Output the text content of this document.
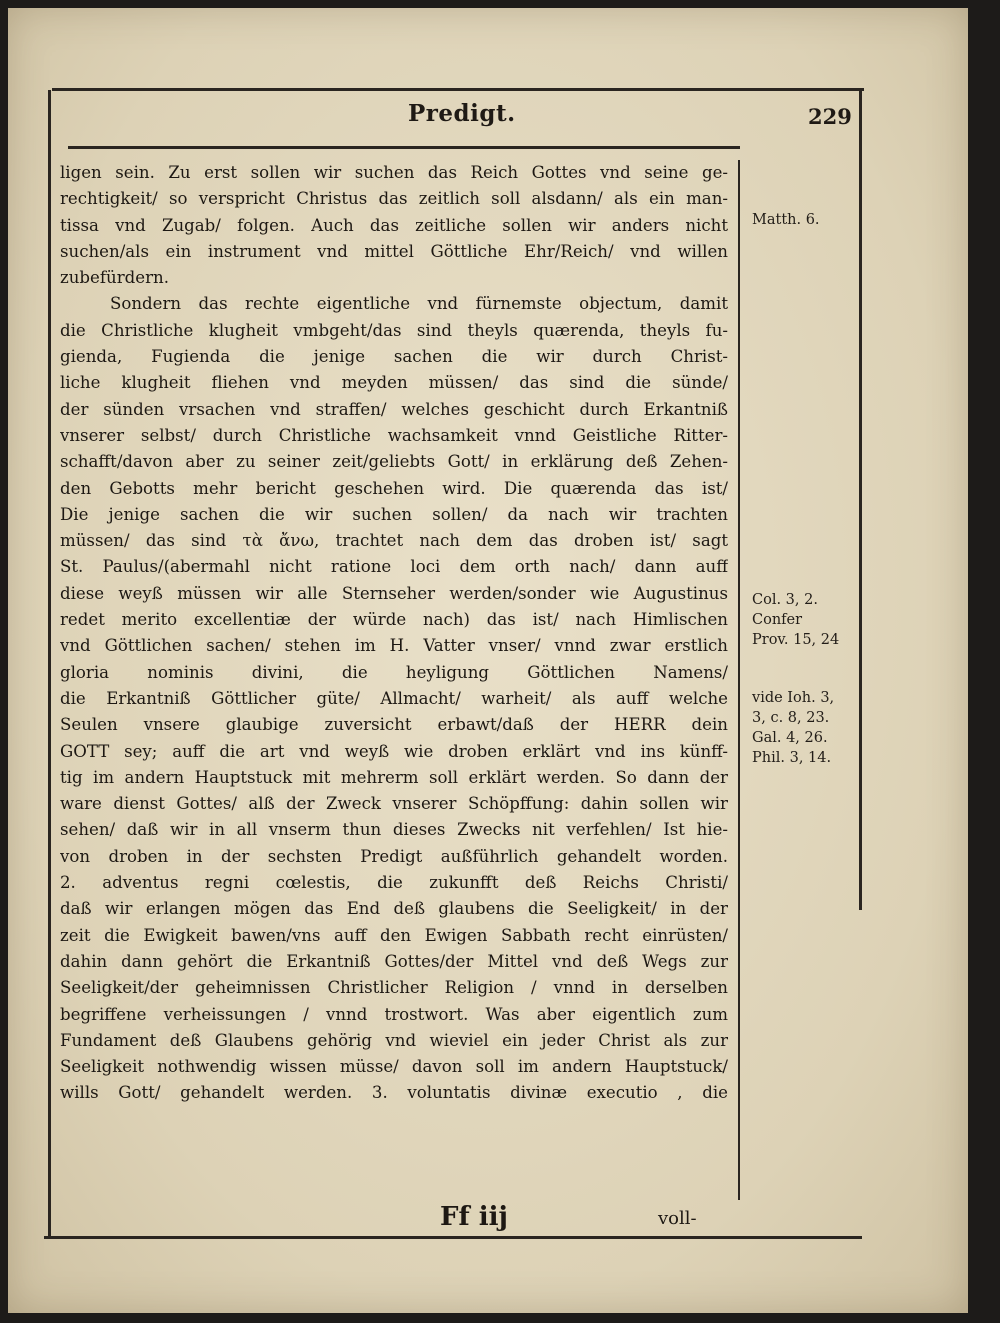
Predigt.	229
ligen sein. Zu erst sollen wir suchen das Reich Gottes vnd seine ge-
rechtigkeit/ so verspricht Christus das zeitlich soll alsdann/ als ein man-
tissa vnd Zugab/ folgen. Auch das zeitliche sollen wir anders nicht
suchen/als ein instrument vnd mittel Göttliche Ehr/Reich/ vnd willen
zubefürdern.
Sondern das rechte eigentliche vnd fürnemste objectum, damit
die Christliche klugheit vmbgeht/das sind theyls quærenda, theyls fu-
gienda, Fugienda die jenige sachen die wir durch Christ-
liche klugheit fliehen vnd meyden müssen/ das sind die sünde/
der sünden vrsachen vnd straffen/ welches geschicht durch Erkantniß
vnserer selbst/ durch Christliche wachsamkeit vnnd Geistliche Ritter-
schafft/davon aber zu seiner zeit/geliebts Gott/ in erklärung deß Zehen-
den Gebotts mehr bericht geschehen wird. Die quærenda das ist/
Die jenige sachen die wir suchen sollen/ da nach wir trachten
müssen/ das sind τὰ ἄνω, trachtet nach dem das droben ist/ sagt
St. Paulus/(abermahl nicht ratione loci dem orth nach/ dann auff
diese weyß müssen wir alle Sternseher werden/sonder wie Augustinus
redet merito excellentiæ der würde nach) das ist/ nach Himlischen
vnd Göttlichen sachen/ stehen im H. Vatter vnser/ vnnd zwar erstlich
gloria nominis divini, die heyligung Göttlichen Namens/
die Erkantniß Göttlicher güte/ Allmacht/ warheit/ als auff welche
Seulen vnsere glaubige zuversicht erbawt/daß der HERR dein
GOTT sey; auff die art vnd weyß wie droben erklärt vnd ins künff-
tig im andern Hauptstuck mit mehrerm soll erklärt werden. So dann der
ware dienst Gottes/ alß der Zweck vnserer Schöpffung: dahin sollen wir
sehen/ daß wir in all vnserm thun dieses Zwecks nit verfehlen/ Ist hie-
von droben in der sechsten Predigt außführlich gehandelt worden.
2. adventus regni cœlestis, die zukunfft deß Reichs Christi/
daß wir erlangen mögen das End deß glaubens die Seeligkeit/ in der
zeit die Ewigkeit bawen/vns auff den Ewigen Sabbath recht einrüsten/
dahin dann gehört die Erkantniß Gottes/der Mittel vnd deß Wegs zur
Seeligkeit/der geheimnissen Christlicher Religion / vnnd in derselben
begriffene verheissungen / vnnd trostwort. Was aber eigentlich zum
Fundament deß Glaubens gehörig vnd wieviel ein jeder Christ als zur
Seeligkeit nothwendig wissen müsse/ davon soll im andern Hauptstuck/
wills Gott/ gehandelt werden. 3. voluntatis divinæ executio , die
Matth. 6.
Col. 3, 2.
Confer
Prov. 15, 24
vide Ioh. 3,
3, c. 8, 23.
Gal. 4, 26.
Phil. 3, 14.
Ff iij	voll-
